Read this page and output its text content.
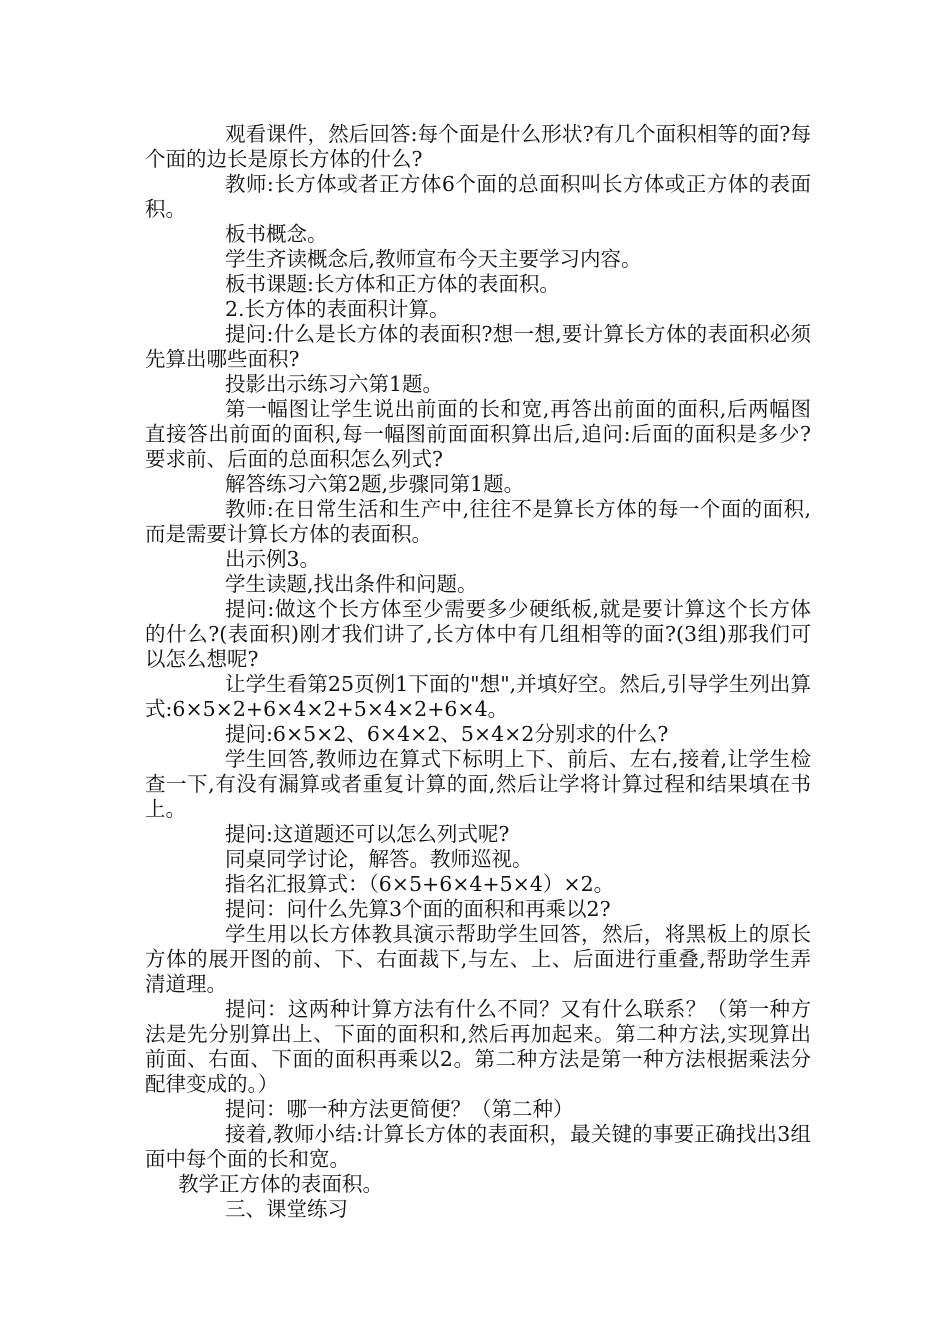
观看课件，然后回答:每个面是什么形状?有几个面积相等的面?每个面的边长是原长方体的什么?

教师:长方体或者正方体6个面的总面积叫长方体或正方体的表面积。

板书概念。

学生齐读概念后,教师宣布今天主要学习内容。

板书课题:长方体和正方体的表面积。

2.长方体的表面积计算。

提问:什么是长方体的表面积?想一想,要计算长方体的表面积必须先算出哪些面积?

投影出示练习六第1题。

第一幅图让学生说出前面的长和宽,再答出前面的面积,后两幅图直接答出前面的面积,每一幅图前面面积算出后,追问:后面的面积是多少?要求前、后面的总面积怎么列式?

解答练习六第2题,步骤同第1题。

教师:在日常生活和生产中,往往不是算长方体的每一个面的面积,而是需要计算长方体的表面积。

出示例3。

学生读题,找出条件和问题。

提问:做这个长方体至少需要多少硬纸板,就是要计算这个长方体的什么?(表面积)刚才我们讲了,长方体中有几组相等的面?(3组)那我们可以怎么想呢?

让学生看第25页例1下面的"想",并填好空。然后,引导学生列出算式:6×5×2+6×4×2+5×4×2+6×4。

提问:6×5×2、6×4×2、5×4×2分别求的什么?

学生回答,教师边在算式下标明上下、前后、左右,接着,让学生检查一下,有没有漏算或者重复计算的面,然后让学将计算过程和结果填在书上。

提问:这道题还可以怎么列式呢?

同桌同学讨论，解答。教师巡视。

指名汇报算式：（6×5+6×4+5×4）×2。

提问：问什么先算3个面的面积和再乘以2?

学生用以长方体教具演示帮助学生回答，然后，将黑板上的原长方体的展开图的前、下、右面裁下,与左、上、后面进行重叠,帮助学生弄清道理。

提问：这两种计算方法有什么不同？又有什么联系？（第一种方法是先分别算出上、下面的面积和,然后再加起来。第二种方法,实现算出前面、右面、下面的面积再乘以2。第二种方法是第一种方法根据乘法分配律变成的。）

提问：哪一种方法更简便？（第二种）

接着,教师小结:计算长方体的表面积，最关键的事要正确找出3组面中每个面的长和宽。

教学正方体的表面积。

三、课堂练习
